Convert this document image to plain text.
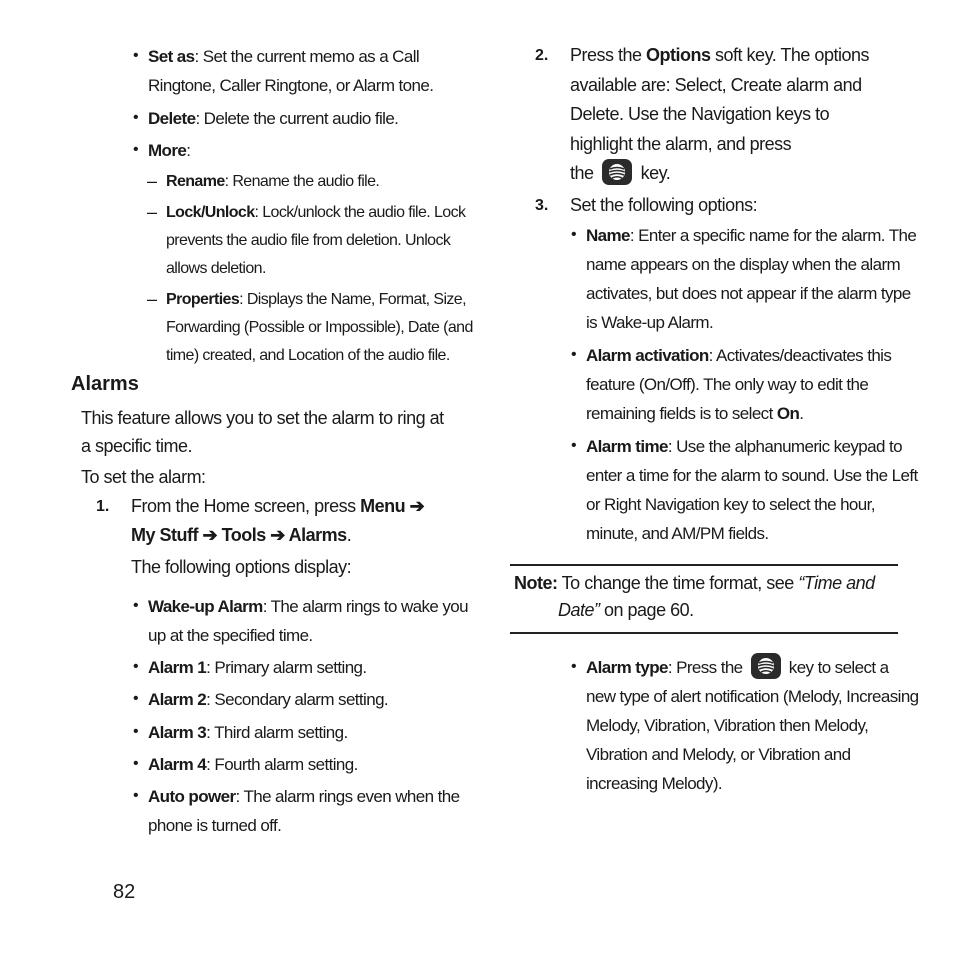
• Set as: Set the current memo as a Call
Ringtone, Caller Ringtone, or Alarm tone.
• Delete: Delete the current audio file.
• More:
– Rename: Rename the audio file.
– Lock/Unlock: Lock/unlock the audio file. Lock
prevents the audio file from deletion. Unlock
allows deletion.
– Properties: Displays the Name, Format, Size,
Forwarding (Possible or Impossible), Date (and
time) created, and Location of the audio file.
Alarms
This feature allows you to set the alarm to ring at
a specific time.
To set the alarm:
1. From the Home screen, press Menu ➔
My Stuff ➔ Tools ➔ Alarms.
The following options display:
• Wake-up Alarm: The alarm rings to wake you
up at the specified time.
• Alarm 1: Primary alarm setting.
• Alarm 2: Secondary alarm setting.
• Alarm 3: Third alarm setting.
• Alarm 4: Fourth alarm setting.
• Auto power: The alarm rings even when the
phone is turned off.
82
2. Press the Options soft key. The options
available are: Select, Create alarm and
Delete. Use the Navigation keys to
highlight the alarm, and press
the	key.
3. Set the following options:
• Name: Enter a specific name for the alarm. The
name appears on the display when the alarm
activates, but does not appear if the alarm type
is Wake-up Alarm.
• Alarm activation: Activates/deactivates this
feature (On/Off). The only way to edit the
remaining fields is to select On.
• Alarm time: Use the alphanumeric keypad to
enter a time for the alarm to sound. Use the Left
or Right Navigation key to select the hour,
minute, and AM/PM fields.
Note: To change the time format, see “Time and
Date” on page 60.
• Alarm type: Press the	key to select a
new type of alert notification (Melody, Increasing
Melody, Vibration, Vibration then Melody,
Vibration and Melody, or Vibration and
increasing Melody).
